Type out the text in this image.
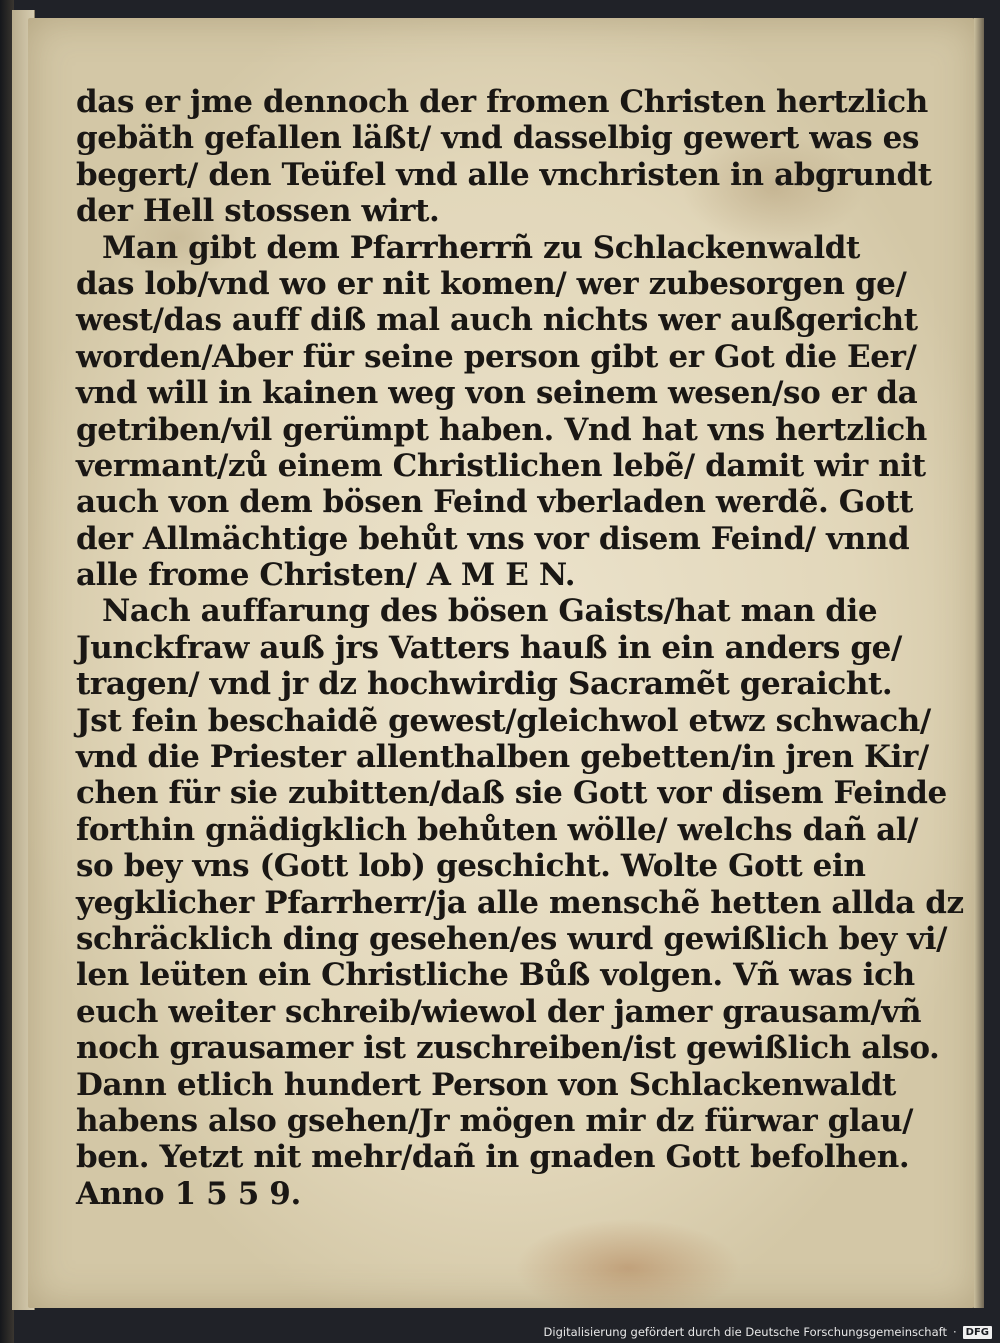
das er jme dennoch der fromen Christen hertzlich
gebäth gefallen läßt/ vnd dasselbig gewert was es
begert/ den Teüfel vnd alle vnchristen in abgrundt
der Hell stossen wirt.
Man gibt dem Pfarrherrñ zu Schlackenwaldt
das lob/vnd wo er nit komen/ wer zubesorgen ge/
west/das auff diß mal auch nichts wer außgericht
worden/Aber für seine person gibt er Got die Eer/
vnd will in kainen weg von seinem wesen/so er da
getriben/vil gerümpt haben. Vnd hat vns hertzlich
vermant/zů einem Christlichen lebẽ/ damit wir nit
auch von dem bösen Feind vberladen werdẽ. Gott
der Allmächtige behůt vns vor disem Feind/ vnnd
alle frome Christen/ A M E N.
Nach auffarung des bösen Gaists/hat man die
Junckfraw auß jrs Vatters hauß in ein anders ge/
tragen/ vnd jr dz hochwirdig Sacramẽt geraicht.
Jst fein beschaidẽ gewest/gleichwol etwz schwach/
vnd die Priester allenthalben gebetten/in jren Kir/
chen für sie zubitten/daß sie Gott vor disem Feinde
forthin gnädigklich behůten wölle/ welchs dañ al/
so bey vns (Gott lob) geschicht. Wolte Gott ein
yegklicher Pfarrherr/ja alle menschẽ hetten allda dz
schräcklich ding gesehen/es wurd gewißlich bey vi/
len leüten ein Christliche Bůß volgen. Vñ was ich
euch weiter schreib/wiewol der jamer grausam/vñ
noch grausamer ist zuschreiben/ist gewißlich also.
Dann etlich hundert Person von Schlackenwaldt
habens also gsehen/Jr mögen mir dz fürwar glau/
ben. Yetzt nit mehr/dañ in gnaden Gott befolhen.
Anno 1 5 5 9.
Digitalisierung gefördert durch die Deutsche Forschungsgemeinschaft · DFG
